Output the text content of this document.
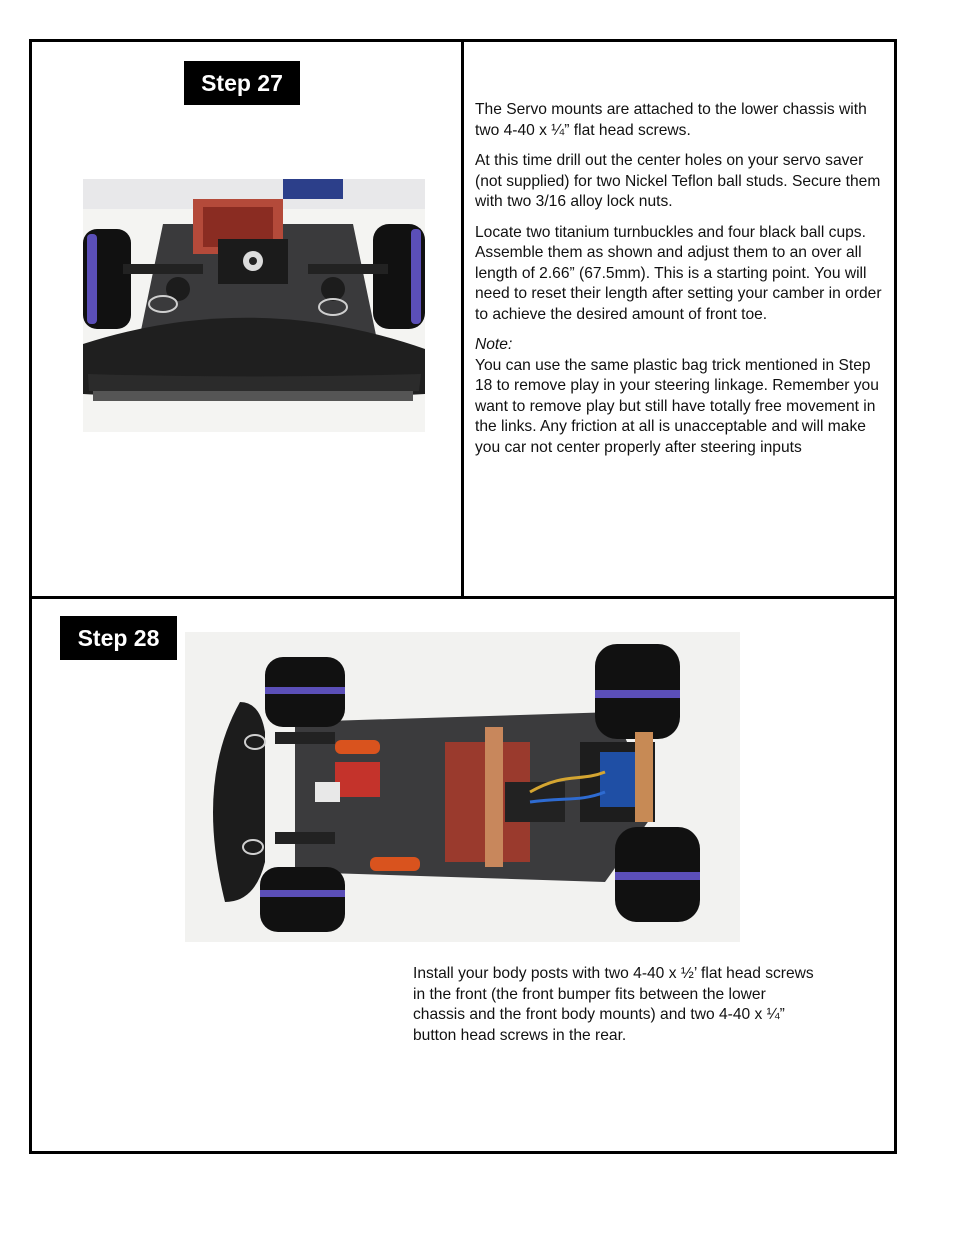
Step 27

The Servo mounts are attached to the lower chassis with two 4-40 x ¼” flat head screws.

At this time drill out the center holes on your servo saver (not supplied) for two Nickel Teflon ball studs. Secure them with two 3/16 alloy lock nuts.

Locate two titanium turnbuckles and four black ball cups. Assemble them as shown and adjust them to an over all length of 2.66” (67.5mm). This is a starting point. You will need to reset their length after setting your camber in order to achieve the desired amount of front toe.

Note:

You can use the same plastic bag trick mentioned in Step 18 to remove play in your steering linkage. Remember you want to remove play but still have totally free movement in the links. Any friction at all is unacceptable and will make you car not center properly after steering inputs

Step 28

Install your body posts with two 4-40 x ½’ flat head screws in the front (the front bumper fits between the lower chassis and the front body mounts) and two 4-40 x ¼” button head screws in the rear.
